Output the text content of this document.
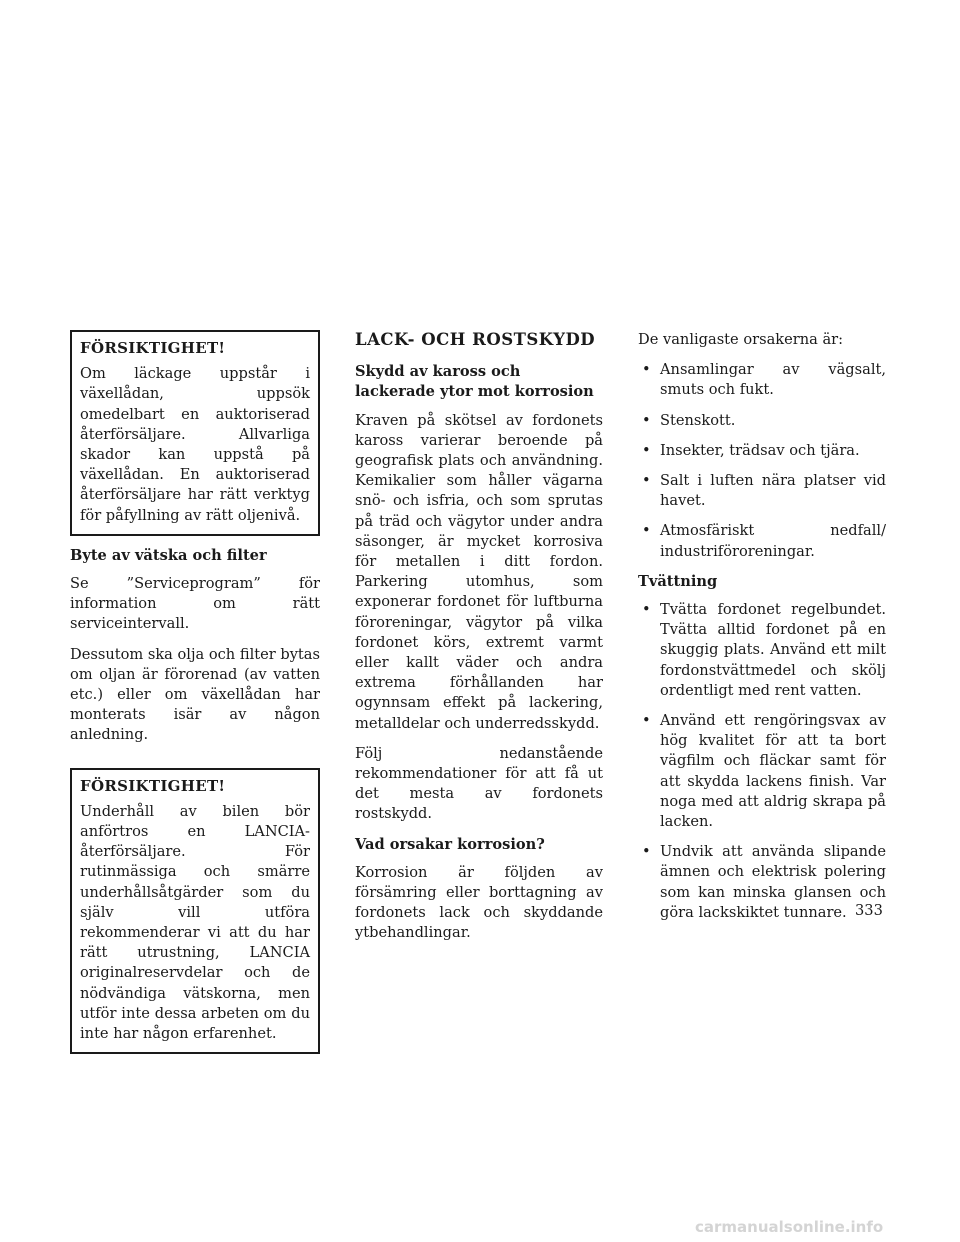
FÖRSIKTIGHET!

Om läckage uppstår i växellådan, uppsök omedelbart en auktoriserad återförsäljare. Allvarliga skador kan uppstå på växellådan. En auktoriserad återförsäljare har rätt verktyg för påfyllning av rätt oljenivå.

Byte av vätska och filter

Se ”Serviceprogram” för information om rätt serviceintervall.

Dessutom ska olja och filter bytas om oljan är förorenad (av vatten etc.) eller om växellådan har monterats isär av någon anledning.

FÖRSIKTIGHET!

Underhåll av bilen bör anförtros en LANCIA-återförsäljare. För rutinmässiga och smärre underhållsåtgärder som du själv vill utföra rekommenderar vi att du har rätt utrustning, LANCIA originalreservdelar och de nödvändiga vätskorna, men utför inte dessa arbeten om du inte har någon erfarenhet.

LACK- OCH ROSTSKYDD
Skydd av kaross och lackerade ytor mot korrosion

Kraven på skötsel av fordonets kaross varierar beroende på geografisk plats och användning. Kemikalier som håller vägarna snö- och isfria, och som sprutas på träd och vägytor under andra säsonger, är mycket korrosiva för metallen i ditt fordon. Parkering utomhus, som exponerar fordonet för luftburna föroreningar, vägytor på vilka fordonet körs, extremt varmt eller kallt väder och andra extrema förhållanden har ogynnsam effekt på lackering, metalldelar och underredsskydd.

Följ nedanstående rekommendationer för att få ut det mesta av fordonets rostskydd.

Vad orsakar korrosion?

Korrosion är följden av försämring eller borttagning av fordonets lack och skyddande ytbehandlingar.

De vanligaste orsakerna är:

• Ansamlingar av vägsalt, smuts och fukt.
• Stenskott.
• Insekter, trädsav och tjära.
• Salt i luften nära platser vid havet.
• Atmosfäriskt nedfall/ industriföroreningar.
Tvättning
• Tvätta fordonet regelbundet. Tvätta alltid fordonet på en skuggig plats. Använd ett milt fordonstvättmedel och skölj ordentligt med rent vatten.
• Använd ett rengöringsvax av hög kvalitet för att ta bort vägfilm och fläckar samt för att skydda lackens finish. Var noga med att aldrig skrapa på lacken.
• Undvik att använda slipande ämnen och elektrisk polering som kan minska glansen och göra lackskiktet tunnare. 333
carmanualsonline.info
